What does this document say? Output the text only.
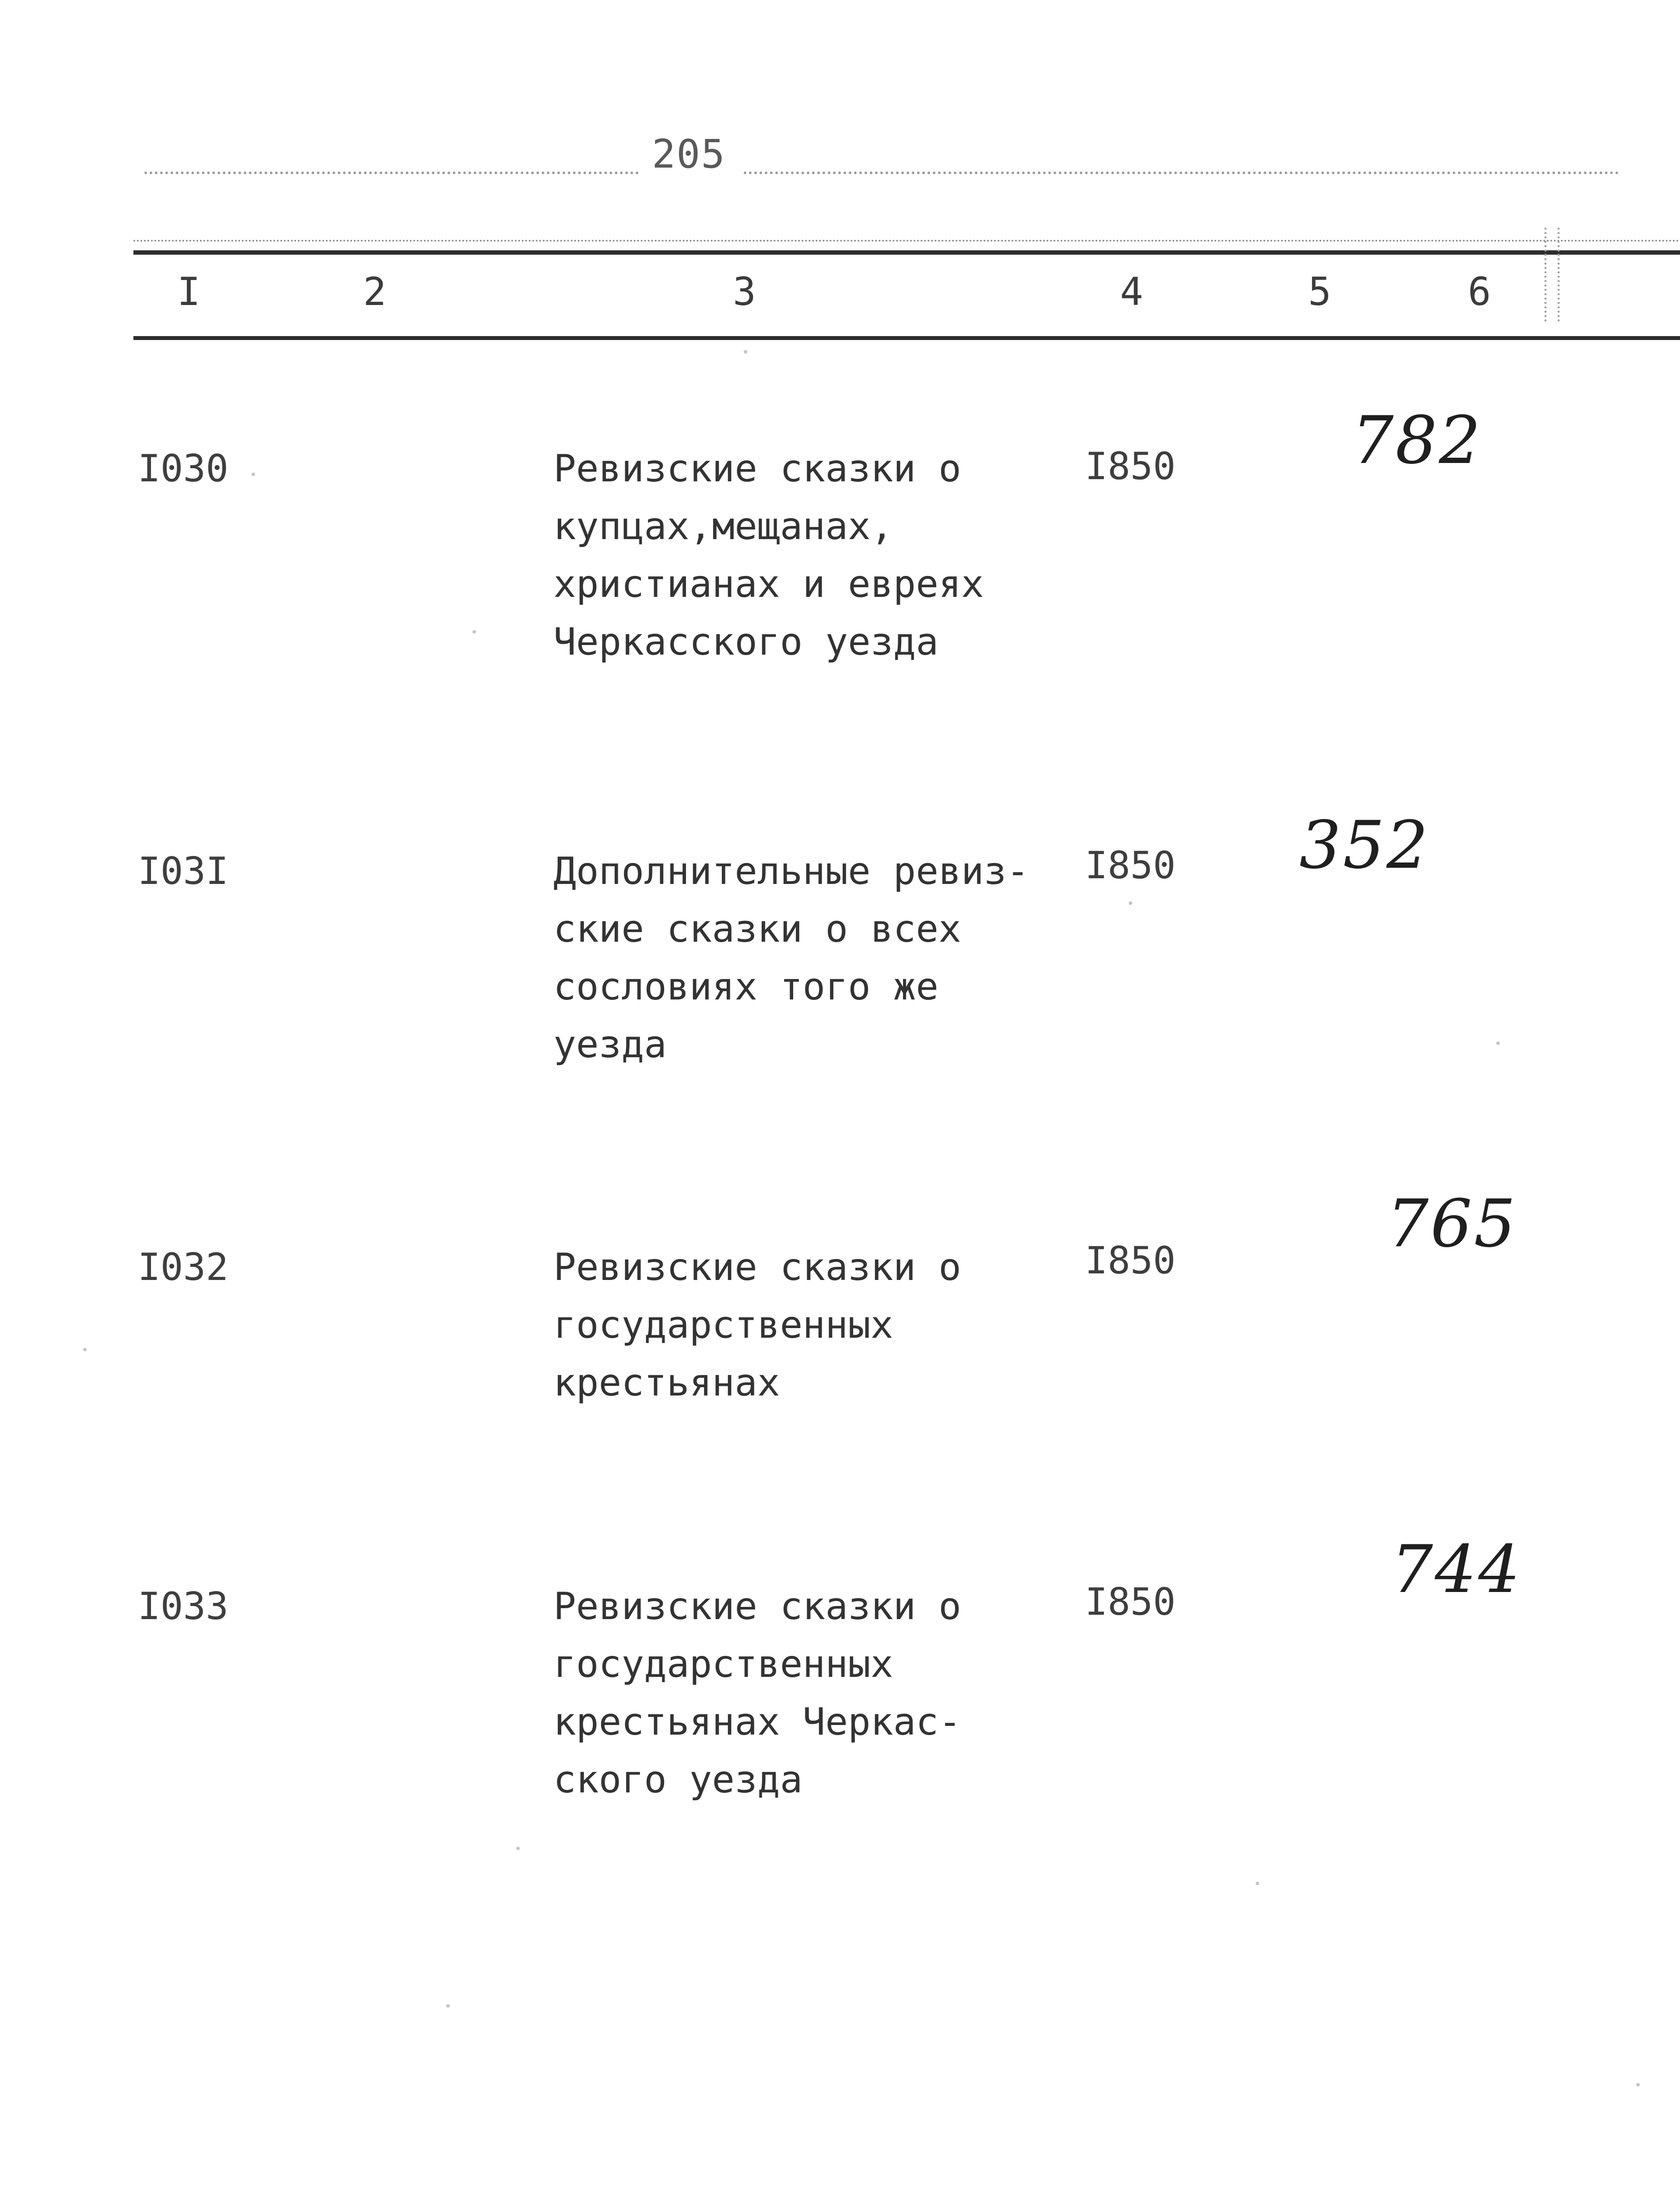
205
I	2	3	4	5	6
I030	Ревизские сказки о
купцах,мещанах,
христианах и евреях
Черкасского уезда
I850	782
I03I	Дополнительные ревиз-
ские сказки о всех
сословиях того же
уезда
I850 352
I032	Ревизские сказки о
государственных
крестьянах
I850	765
I033	Ревизские сказки о
государственных
крестьянах Черкас-
ского уезда
I850	744
